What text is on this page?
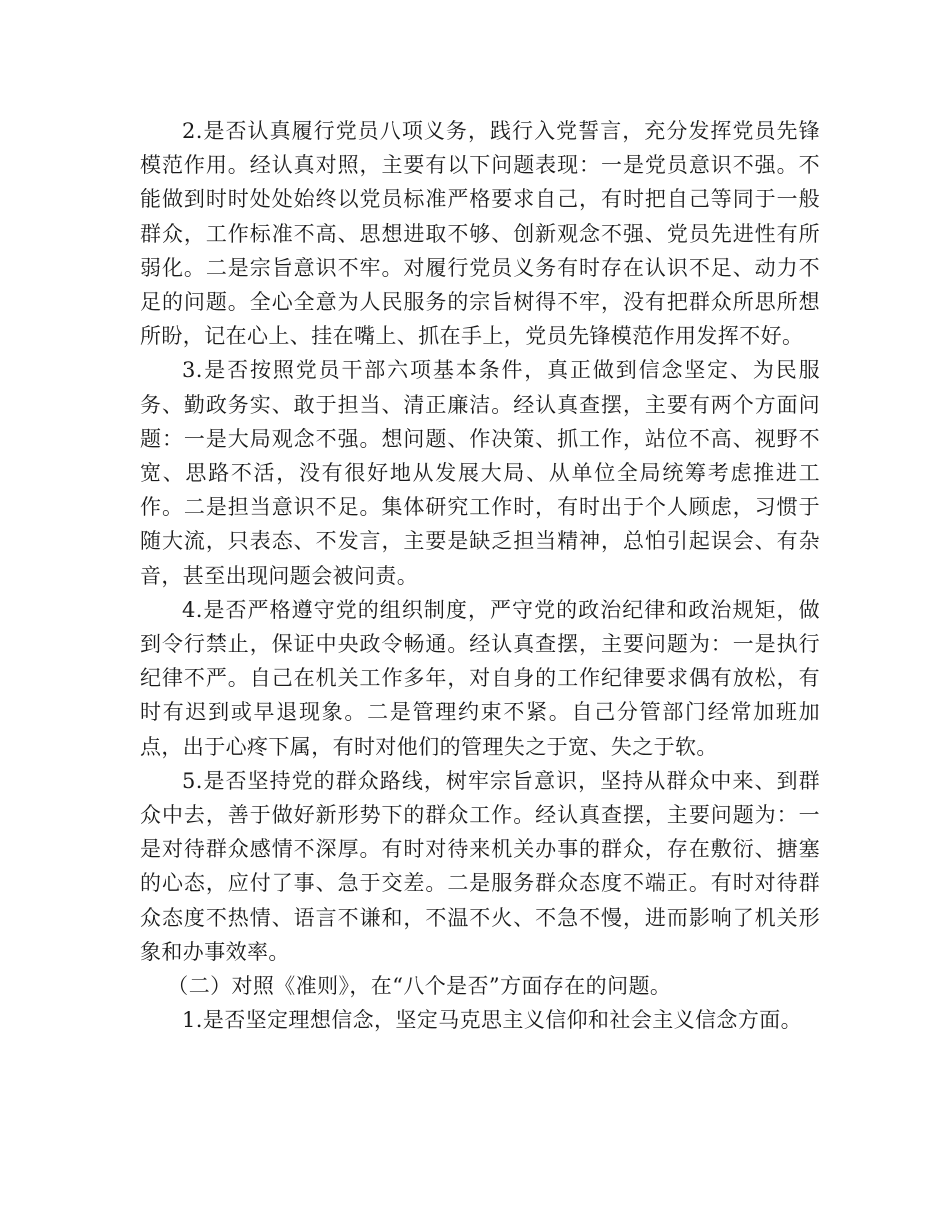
2.是否认真履行党员八项义务，践行入党誓言，充分发挥党员先锋模范作用。经认真对照，主要有以下问题表现：一是党员意识不强。不能做到时时处处始终以党员标准严格要求自己，有时把自己等同于一般群众，工作标准不高、思想进取不够、创新观念不强、党员先进性有所弱化。二是宗旨意识不牢。对履行党员义务有时存在认识不足、动力不足的问题。全心全意为人民服务的宗旨树得不牢，没有把群众所思所想所盼，记在心上、挂在嘴上、抓在手上，党员先锋模范作用发挥不好。

3.是否按照党员干部六项基本条件，真正做到信念坚定、为民服务、勤政务实、敢于担当、清正廉洁。经认真查摆，主要有两个方面问题：一是大局观念不强。想问题、作决策、抓工作，站位不高、视野不宽、思路不活，没有很好地从发展大局、从单位全局统筹考虑推进工作。二是担当意识不足。集体研究工作时，有时出于个人顾虑，习惯于随大流，只表态、不发言，主要是缺乏担当精神，总怕引起误会、有杂音，甚至出现问题会被问责。

4.是否严格遵守党的组织制度，严守党的政治纪律和政治规矩，做到令行禁止，保证中央政令畅通。经认真查摆，主要问题为：一是执行纪律不严。自己在机关工作多年，对自身的工作纪律要求偶有放松，有时有迟到或早退现象。二是管理约束不紧。自己分管部门经常加班加点，出于心疼下属，有时对他们的管理失之于宽、失之于软。

5.是否坚持党的群众路线，树牢宗旨意识，坚持从群众中来、到群众中去，善于做好新形势下的群众工作。经认真查摆，主要问题为：一是对待群众感情不深厚。有时对待来机关办事的群众，存在敷衍、搪塞的心态，应付了事、急于交差。二是服务群众态度不端正。有时对待群众态度不热情、语言不谦和，不温不火、不急不慢，进而影响了机关形象和办事效率。

（二）对照《准则》，在“八个是否”方面存在的问题。

1.是否坚定理想信念，坚定马克思主义信仰和社会主义信念方面。
